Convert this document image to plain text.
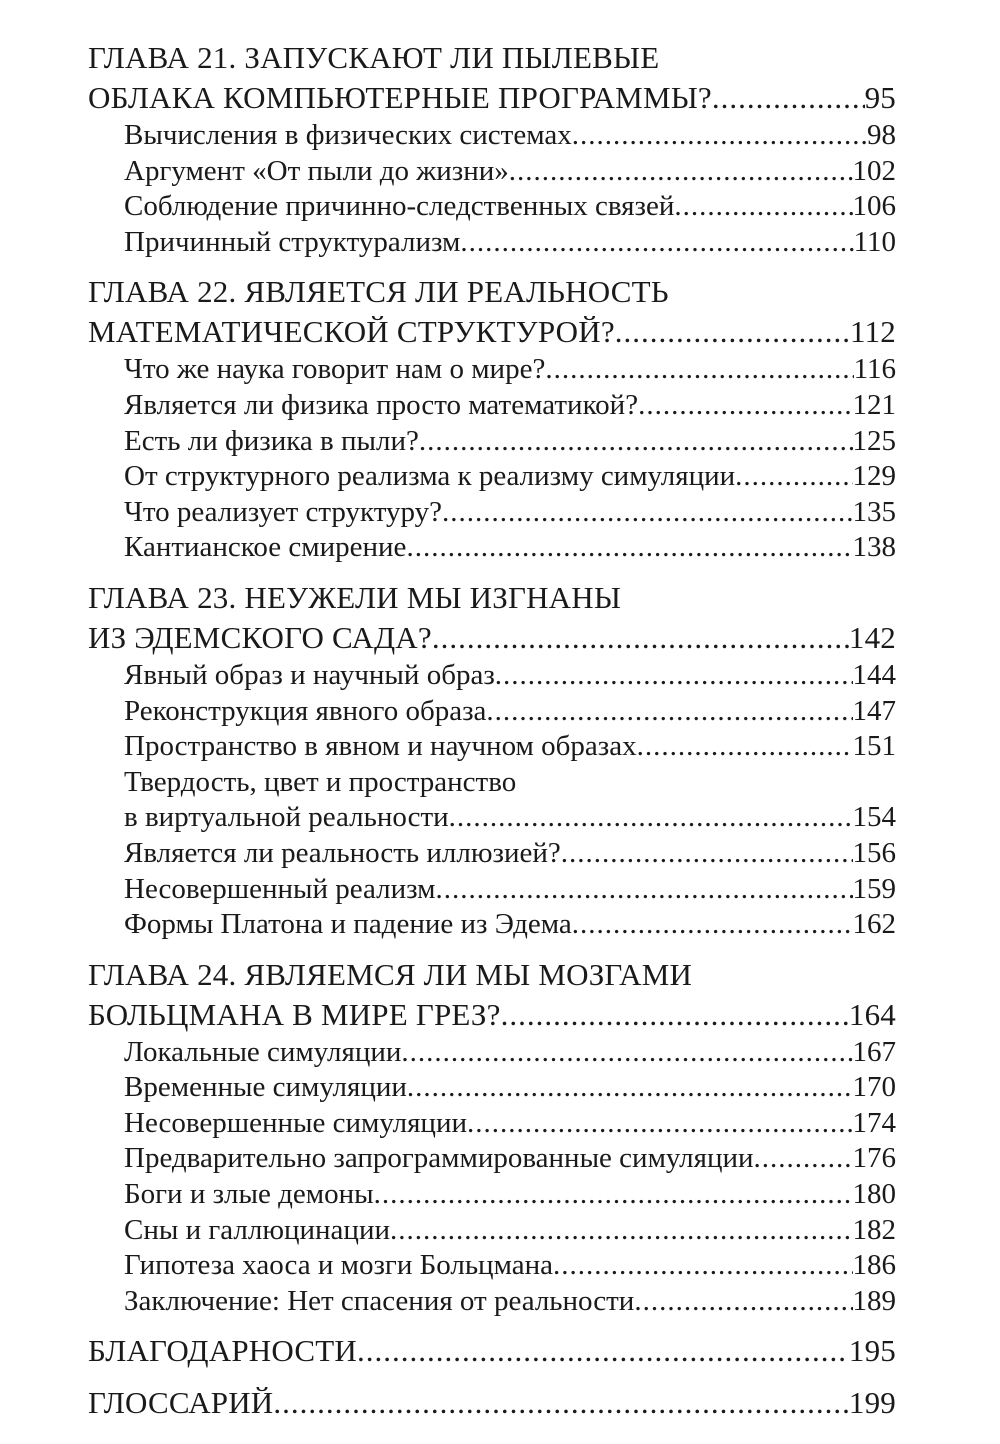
ГЛАВА 21. ЗАПУСКАЮТ ЛИ ПЫЛЕВЫЕ
ОБЛАКА КОМПЬЮТЕРНЫЕ ПРОГРАММЫ? .....	95
Вычисления в физических системах .....	98
Аргумент «От пыли до жизни» .....	102
Соблюдение причинно-следственных связей .....	106
Причинный структурализм .....	110
ГЛАВА 22. ЯВЛЯЕТСЯ ЛИ РЕАЛЬНОСТЬ
МАТЕМАТИЧЕСКОЙ СТРУКТУРОЙ? .....	112
Что же наука говорит нам о мире? .....	116
Является ли физика просто математикой? .....	121
Есть ли физика в пыли? .....	125
От структурного реализма к реализму симуляции .....	129
Что реализует структуру? .....	135
Кантианское смирение .....	138
ГЛАВА 23. НЕУЖЕЛИ МЫ ИЗГНАНЫ
ИЗ ЭДЕМСКОГО САДА? .....	142
Явный образ и научный образ .....	144
Реконструкция явного образа .....	147
Пространство в явном и научном образах .....	151
Твердость, цвет и пространство
в виртуальной реальности .....	154
Является ли реальность иллюзией? .....	156
Несовершенный реализм .....	159
Формы Платона и падение из Эдема .....	162
ГЛАВА 24. ЯВЛЯЕМСЯ ЛИ МЫ МОЗГАМИ
БОЛЬЦМАНА В МИРЕ ГРЕЗ? .....	164
Локальные симуляции .....	167
Временные симуляции .....	170
Несовершенные симуляции .....	174
Предварительно запрограммированные симуляции .....	176
Боги и злые демоны .....	180
Сны и галлюцинации .....	182
Гипотеза хаоса и мозги Больцмана .....	186
Заключение: Нет спасения от реальности .....	189
БЛАГОДАРНОСТИ .....	195
ГЛОССАРИЙ .....	199
